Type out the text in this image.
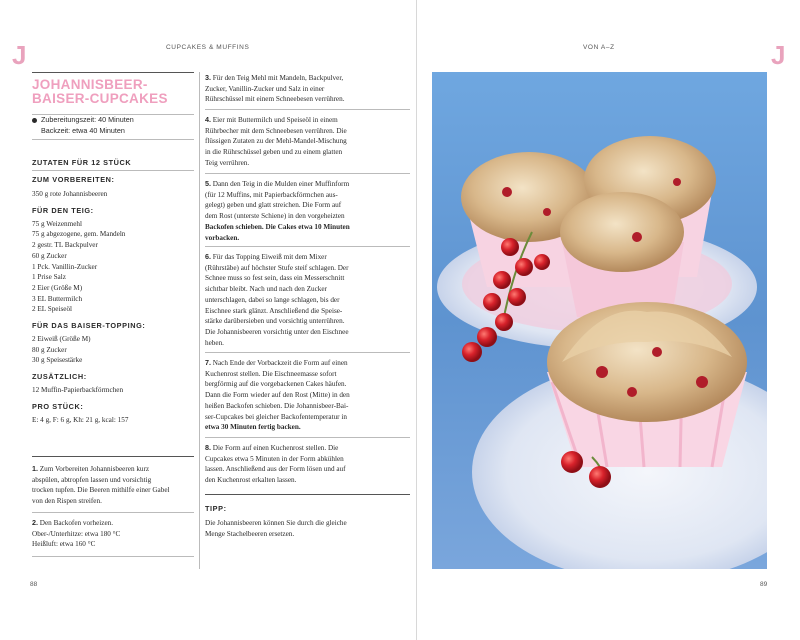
J	CUPCAKES & MUFFINS	VON A–Z	J
JOHANNISBEER-
BAISER-CUPCAKES
Zubereitungszeit: 40 Minuten
Backzeit: etwa 40 Minuten
ZUTATEN FÜR 12 STÜCK
ZUM VORBEREITEN:
350 g rote Johannisbeeren
FÜR DEN TEIG:
75 g Weizenmehl
75 g abgezogene, gem. Mandeln
2 gestr. TL Backpulver
60 g Zucker
1 Pck. Vanillin-Zucker
1 Prise Salz
2 Eier (Größe M)
3 EL Buttermilch
2 EL Speiseöl
FÜR DAS BAISER-TOPPING:
2 Eiweiß (Größe M)
80 g Zucker
30 g Speisestärke
ZUSÄTZLICH:
12 Muffin-Papierbackförmchen
PRO STÜCK:
E: 4 g, F: 6 g, Kh: 21 g, kcal: 157
1. Zum Vorbereiten Johannisbeeren kurz
abspülen, abtropfen lassen und vorsichtig
trocken tupfen. Die Beeren mithilfe einer Gabel
von den Rispen streifen.
2. Den Backofen vorheizen.
Ober-/Unterhitze: etwa 180 °C
Heißluft: etwa 160 °C
3. Für den Teig Mehl mit Mandeln, Backpulver,
Zucker, Vanillin-Zucker und Salz in einer
Rührschüssel mit einem Schneebesen verrühren.
4. Eier mit Buttermilch und Speiseöl in einem
Rührbecher mit dem Schneebesen verrühren. Die
flüssigen Zutaten zu der Mehl-Mandel-Mischung
in die Rührschüssel geben und zu einem glatten
Teig verrühren.
5. Dann den Teig in die Mulden einer Muffinform
(für 12 Muffins, mit Papierbackförmchen aus-
gelegt) geben und glatt streichen. Die Form auf
dem Rost (unterste Schiene) in den vorgeheizten
Backofen schieben. Die Cakes etwa 10 Minuten
vorbacken.
6. Für das Topping Eiweiß mit dem Mixer
(Rührstäbe) auf höchster Stufe steif schlagen. Der
Schnee muss so fest sein, dass ein Messerschnitt
sichtbar bleibt. Nach und nach den Zucker
unterschlagen, dabei so lange schlagen, bis der
Eischnee stark glänzt. Anschließend die Speise-
stärke darübersieben und vorsichtig unterrühren.
Die Johannisbeeren vorsichtig unter den Eischnee
heben.
7. Nach Ende der Vorbackzeit die Form auf einen
Kuchenrost stellen. Die Eischneemasse sofort
bergförmig auf die vorgebackenen Cakes häufen.
Dann die Form wieder auf den Rost (Mitte) in den
heißen Backofen schieben. Die Johannisbeer-Bai-
ser-Cupcakes bei gleicher Backofentemperatur in
etwa 30 Minuten fertig backen.
8. Die Form auf einen Kuchenrost stellen. Die
Cupcakes etwa 5 Minuten in der Form abkühlen
lassen. Anschließend aus der Form lösen und auf
den Kuchenrost erkalten lassen.
TIPP:
Die Johannisbeeren können Sie durch die gleiche
Menge Stachelbeeren ersetzen.
88	89
